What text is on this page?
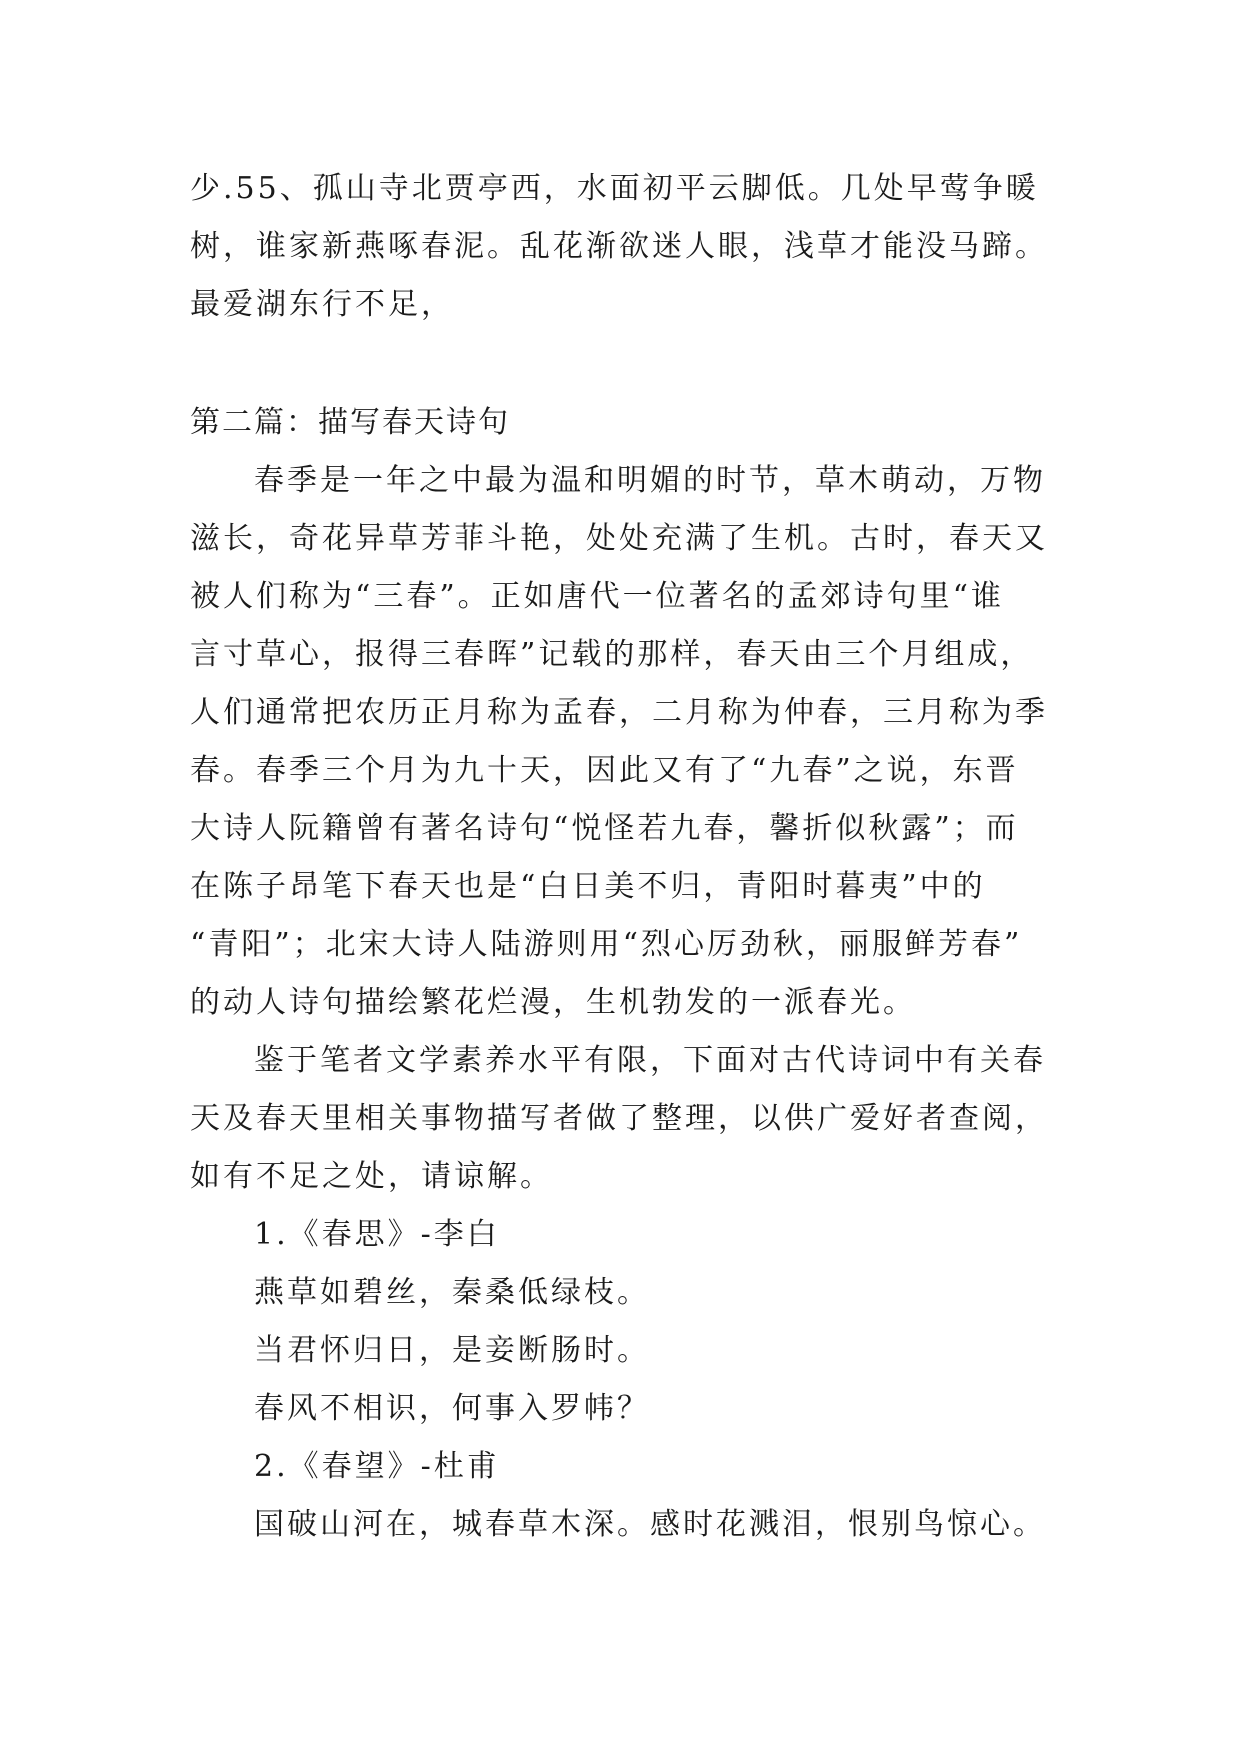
少.55、孤山寺北贾亭西，水面初平云脚低。几处早莺争暖
树，谁家新燕啄春泥。乱花渐欲迷人眼，浅草才能没马蹄。
最爱湖东行不足，
第二篇：描写春天诗句
春季是一年之中最为温和明媚的时节，草木萌动，万物
滋长，奇花异草芳菲斗艳，处处充满了生机。古时，春天又
被人们称为“三春”。正如唐代一位著名的孟郊诗句里“谁
言寸草心，报得三春晖”记载的那样，春天由三个月组成，
人们通常把农历正月称为孟春，二月称为仲春，三月称为季
春。春季三个月为九十天，因此又有了“九春”之说，东晋
大诗人阮籍曾有著名诗句“悦怪若九春，馨折似秋露”；而
在陈子昂笔下春天也是“白日美不归，青阳时暮夷”中的
“青阳”；北宋大诗人陆游则用“烈心厉劲秋，丽服鲜芳春”
的动人诗句描绘繁花烂漫，生机勃发的一派春光。
鉴于笔者文学素养水平有限，下面对古代诗词中有关春
天及春天里相关事物描写者做了整理，以供广爱好者查阅，
如有不足之处，请谅解。
1.《春思》-李白
燕草如碧丝，秦桑低绿枝。
当君怀归日，是妾断肠时。
春风不相识，何事入罗帏？
2.《春望》-杜甫
国破山河在，城春草木深。感时花溅泪，恨别鸟惊心。
